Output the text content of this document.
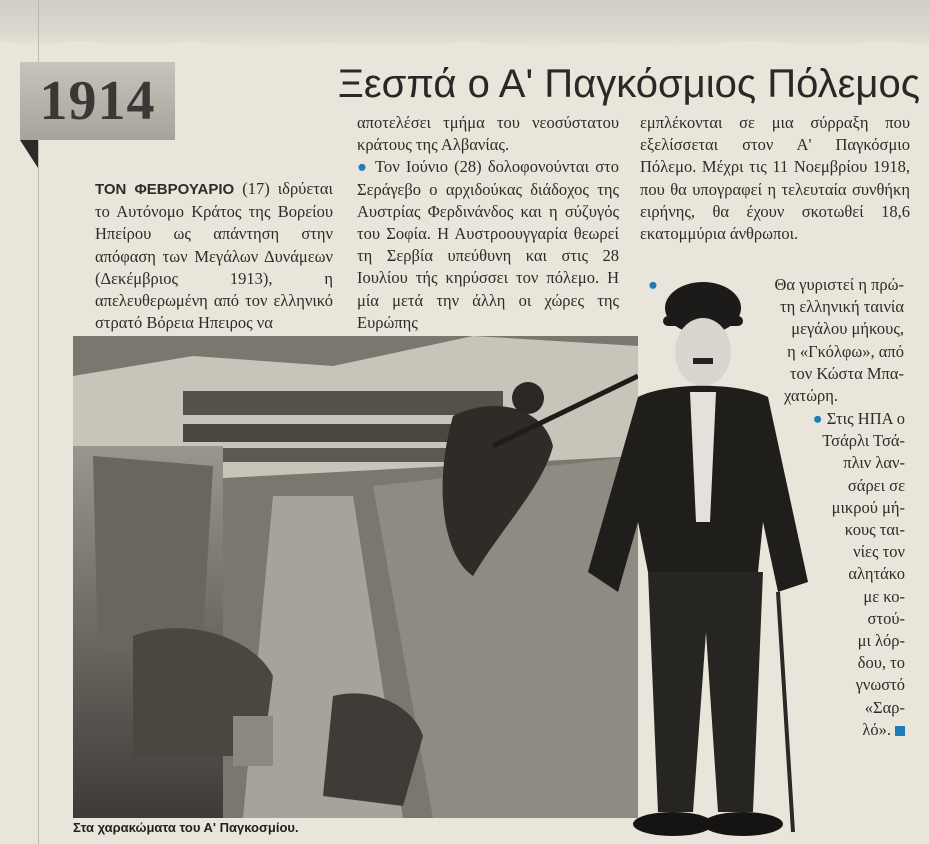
1914	Ξεσπά ο Α' Παγκόσμιος Πόλεμος
ΤΟΝ ΦΕΒΡΟΥΑΡΙΟ (17) ιδρύεται το Αυτόνομο Κράτος της Βορείου Ηπείρου ως απάντηση στην απόφαση των Μεγάλων Δυνάμεων (Δεκέμβριος 1913), η απελευθερωμένη από τον ελληνικό στρατό Βόρεια Ηπειρος να
αποτελέσει τμήμα του νεοσύστατου κράτους της Αλβανίας.
● Τον Ιούνιο (28) δολοφονούνται στο Σεράγεβο ο αρχιδούκας διάδοχος της Αυστρίας Φερδινάνδος και η σύζυγός του Σοφία. Η Αυστροουγγαρία θεωρεί τη Σερβία υπεύθυνη και στις 28 Ιουλίου τής κηρύσσει τον πόλεμο. Η μία μετά την άλλη οι χώρες της Ευρώπης
εμπλέκονται σε μια σύρραξη που εξελίσσεται στον Α' Παγκόσμιο Πόλεμο. Μέχρι τις 11 Νοεμβρίου 1918, που θα υπογραφεί η τελευταία συνθήκη ειρήνης, θα έχουν σκοτωθεί 18,6 εκατομμύρια άνθρωποι.
●	Θα γυριστεί η πρώ-
τη ελληνική ταινία
μεγάλου μήκους,
η «Γκόλφω», από
τον Κώστα Μπα-
χατώρη.
● Στις ΗΠΑ ο
Τσάρλι Τσά-
πλιν λαν-
σάρει σε
μικρού μή-
κους ται-
νίες τον
αλητάκο
με κο-
στού-
μι λόρ-
δου, το
γνωστό
«Σαρ-
λό».
Στα χαρακώματα του Α' Παγκοσμίου.
